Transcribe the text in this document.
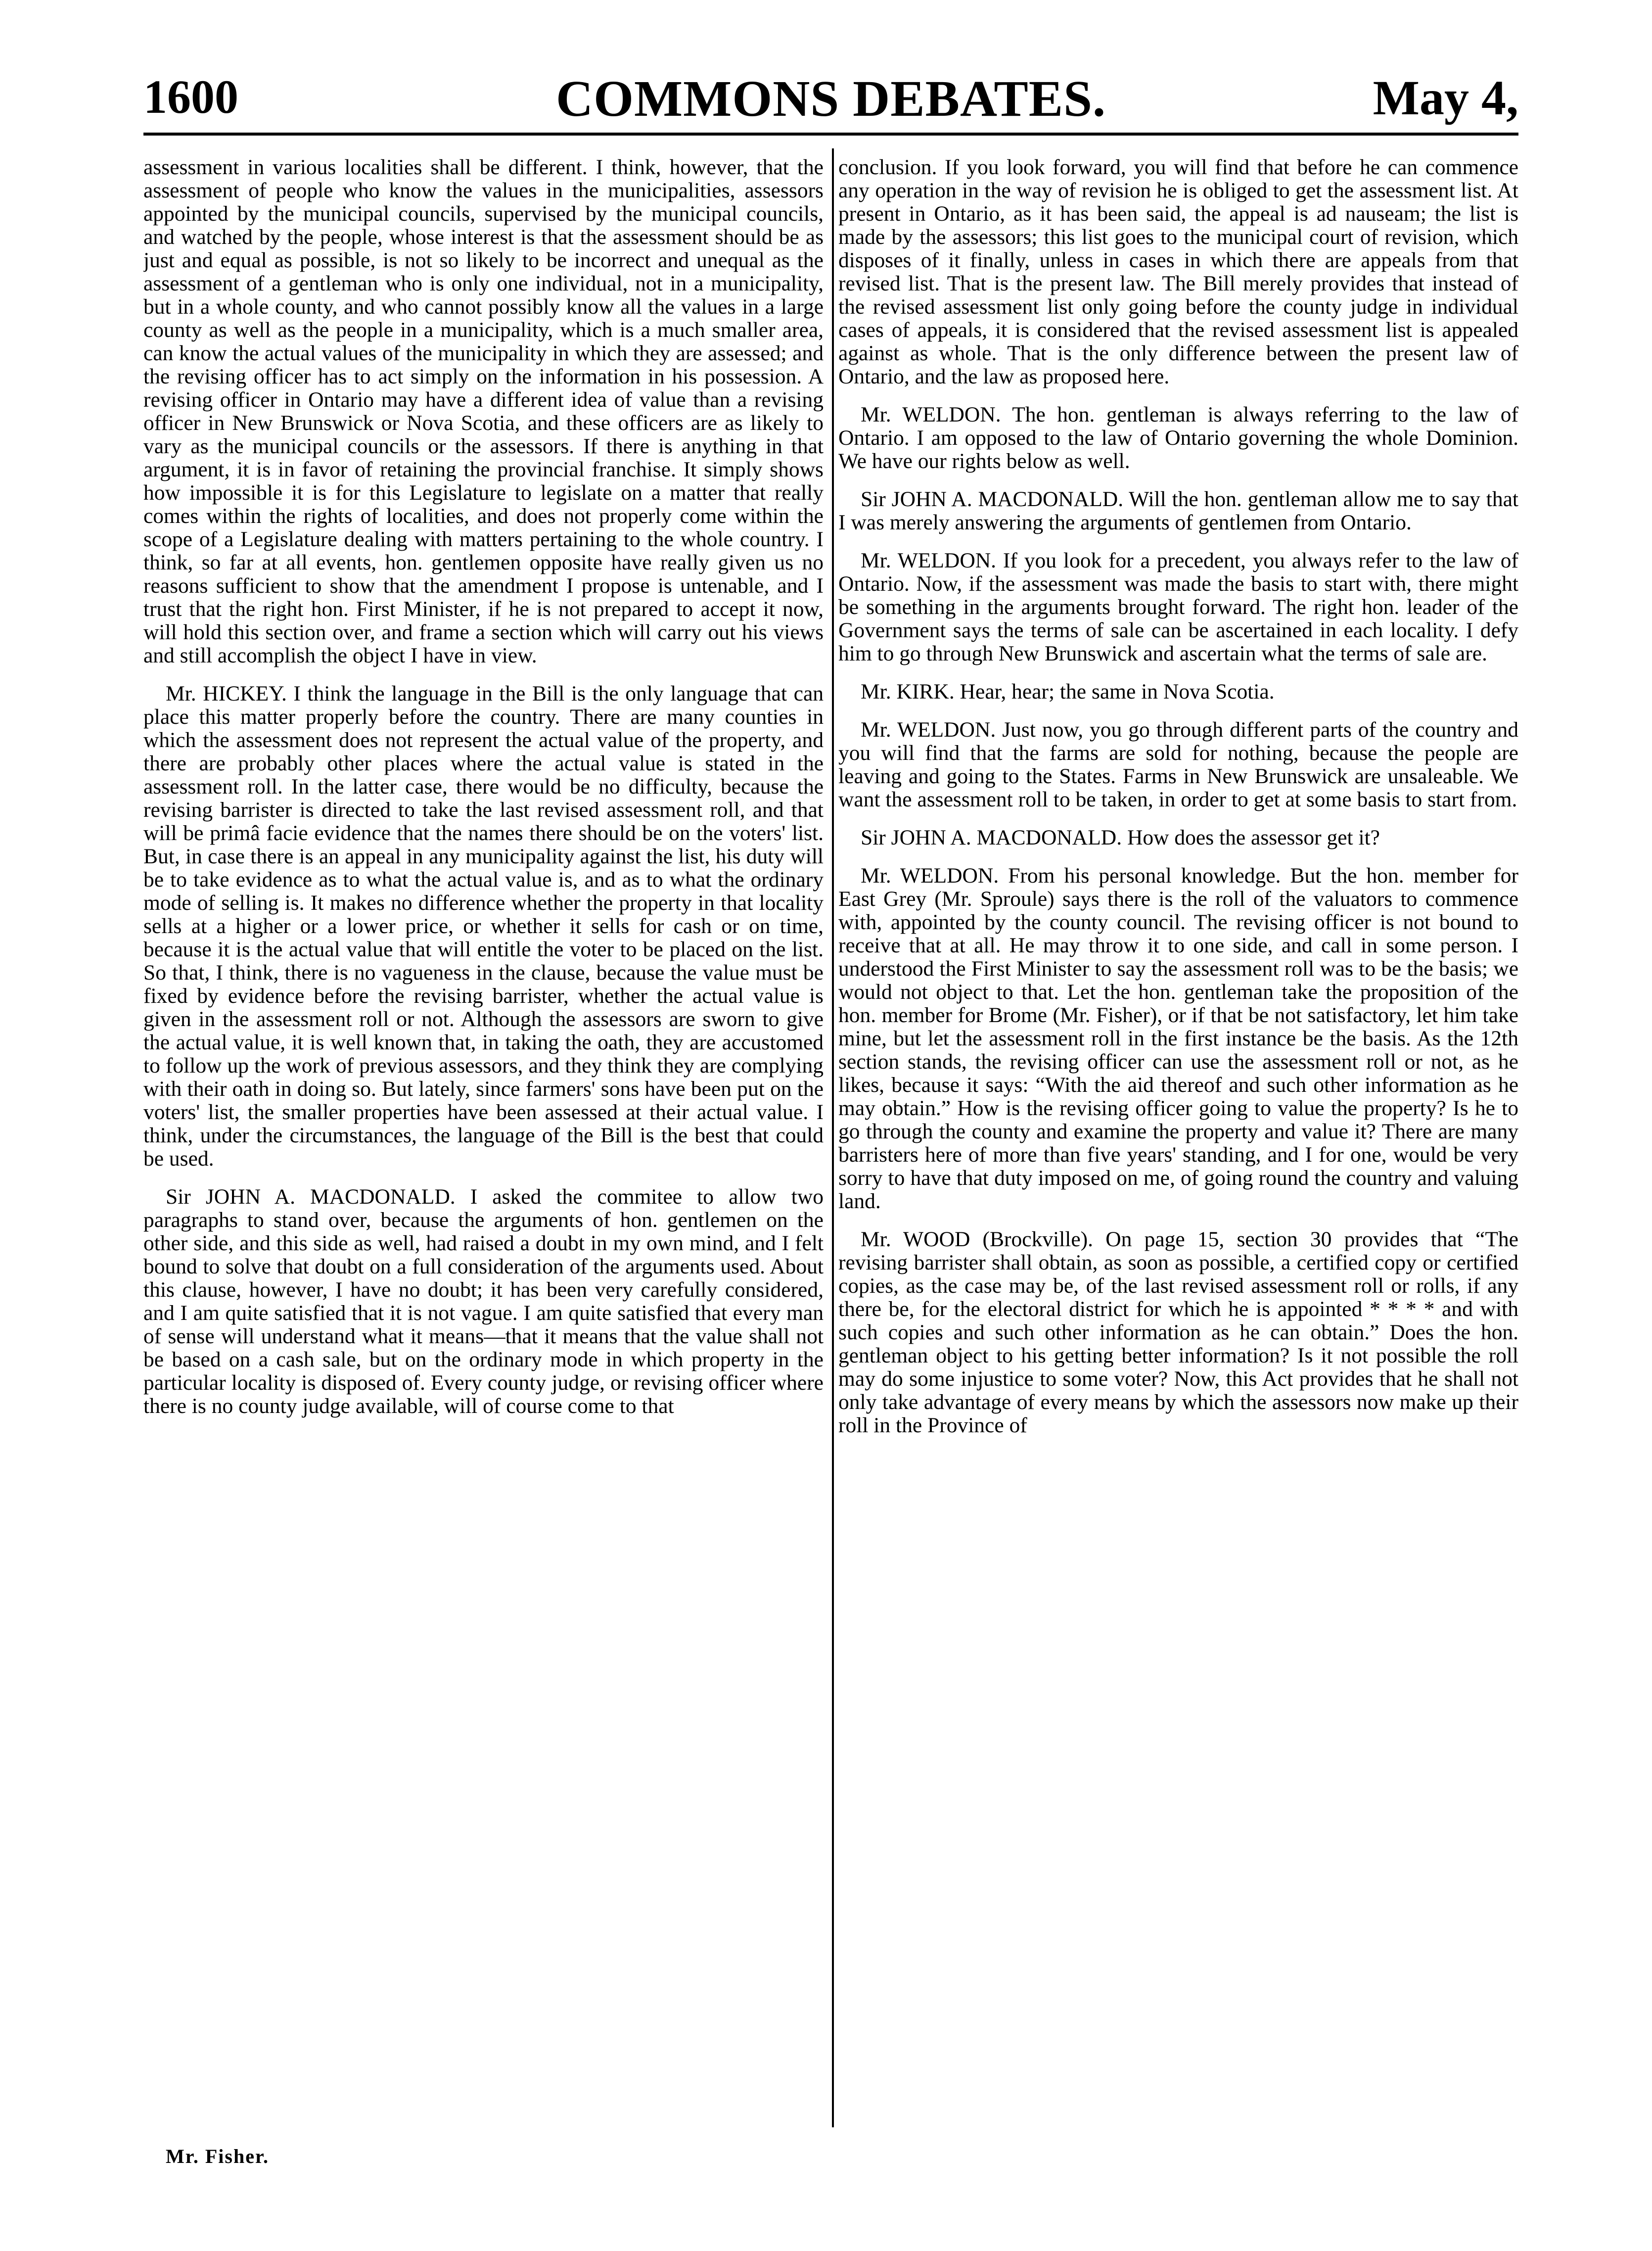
1600	COMMONS DEBATES.	May 4,

assessment in various localities shall be different. I think, however, that the assessment of people who know the values in the municipalities, assessors appointed by the municipal councils, supervised by the municipal councils, and watched by the people, whose interest is that the assessment should be as just and equal as possible, is not so likely to be incorrect and unequal as the assessment of a gentleman who is only one individual, not in a municipality, but in a whole county, and who cannot possibly know all the values in a large county as well as the people in a municipality, which is a much smaller area, can know the actual values of the municipality in which they are assessed; and the revising officer has to act simply on the information in his possession. A revising officer in Ontario may have a different idea of value than a revising officer in New Brunswick or Nova Scotia, and these officers are as likely to vary as the municipal councils or the assessors. If there is anything in that argument, it is in favor of retaining the provincial franchise. It simply shows how impossible it is for this Legislature to legislate on a matter that really comes within the rights of localities, and does not properly come within the scope of a Legislature dealing with matters pertaining to the whole country. I think, so far at all events, hon. gentlemen opposite have really given us no reasons sufficient to show that the amendment I propose is untenable, and I trust that the right hon. First Minister, if he is not prepared to accept it now, will hold this section over, and frame a section which will carry out his views and still accomplish the object I have in view.

Mr. HICKEY. I think the language in the Bill is the only language that can place this matter properly before the country. There are many counties in which the assessment does not represent the actual value of the property, and there are probably other places where the actual value is stated in the assessment roll. In the latter case, there would be no difficulty, because the revising barrister is directed to take the last revised assessment roll, and that will be primâ facie evidence that the names there should be on the voters' list. But, in case there is an appeal in any municipality against the list, his duty will be to take evidence as to what the actual value is, and as to what the ordinary mode of selling is. It makes no difference whether the property in that locality sells at a higher or a lower price, or whether it sells for cash or on time, because it is the actual value that will entitle the voter to be placed on the list. So that, I think, there is no vagueness in the clause, because the value must be fixed by evidence before the revising barrister, whether the actual value is given in the assessment roll or not. Although the assessors are sworn to give the actual value, it is well known that, in taking the oath, they are accustomed to follow up the work of previous assessors, and they think they are complying with their oath in doing so. But lately, since farmers' sons have been put on the voters' list, the smaller properties have been assessed at their actual value. I think, under the circumstances, the language of the Bill is the best that could be used.

Sir JOHN A. MACDONALD. I asked the commitee to allow two paragraphs to stand over, because the arguments of hon. gentlemen on the other side, and this side as well, had raised a doubt in my own mind, and I felt bound to solve that doubt on a full consideration of the arguments used. About this clause, however, I have no doubt; it has been very carefully considered, and I am quite satisfied that it is not vague. I am quite satisfied that every man of sense will understand what it means—that it means that the value shall not be based on a cash sale, but on the ordinary mode in which property in the particular locality is disposed of. Every county judge, or revising officer where there is no county judge available, will of course come to that

conclusion. If you look forward, you will find that before he can commence any operation in the way of revision he is obliged to get the assessment list. At present in Ontario, as it has been said, the appeal is ad nauseam; the list is made by the assessors; this list goes to the municipal court of revision, which disposes of it finally, unless in cases in which there are appeals from that revised list. That is the present law. The Bill merely provides that instead of the revised assessment list only going before the county judge in individual cases of appeals, it is considered that the revised assessment list is appealed against as whole. That is the only difference between the present law of Ontario, and the law as proposed here.

Mr. WELDON. The hon. gentleman is always referring to the law of Ontario. I am opposed to the law of Ontario governing the whole Dominion. We have our rights below as well.

Sir JOHN A. MACDONALD. Will the hon. gentleman allow me to say that I was merely answering the arguments of gentlemen from Ontario.

Mr. WELDON. If you look for a precedent, you always refer to the law of Ontario. Now, if the assessment was made the basis to start with, there might be something in the arguments brought forward. The right hon. leader of the Government says the terms of sale can be ascertained in each locality. I defy him to go through New Brunswick and ascertain what the terms of sale are.

Mr. KIRK. Hear, hear; the same in Nova Scotia.

Mr. WELDON. Just now, you go through different parts of the country and you will find that the farms are sold for nothing, because the people are leaving and going to the States. Farms in New Brunswick are unsaleable. We want the assessment roll to be taken, in order to get at some basis to start from.

Sir JOHN A. MACDONALD. How does the assessor get it?

Mr. WELDON. From his personal knowledge. But the hon. member for East Grey (Mr. Sproule) says there is the roll of the valuators to commence with, appointed by the county council. The revising officer is not bound to receive that at all. He may throw it to one side, and call in some person. I understood the First Minister to say the assessment roll was to be the basis; we would not object to that. Let the hon. gentleman take the proposition of the hon. member for Brome (Mr. Fisher), or if that be not satisfactory, let him take mine, but let the assessment roll in the first instance be the basis. As the 12th section stands, the revising officer can use the assessment roll or not, as he likes, because it says: “With the aid thereof and such other information as he may obtain.” How is the revising officer going to value the property? Is he to go through the county and examine the property and value it? There are many barristers here of more than five years' standing, and I for one, would be very sorry to have that duty imposed on me, of going round the country and valuing land.

Mr. WOOD (Brockville). On page 15, section 30 provides that “The revising barrister shall obtain, as soon as possible, a certified copy or certified copies, as the case may be, of the last revised assessment roll or rolls, if any there be, for the electoral district for which he is appointed * * * * and with such copies and such other information as he can obtain.” Does the hon. gentleman object to his getting better information? Is it not possible the roll may do some injustice to some voter? Now, this Act provides that he shall not only take advantage of every means by which the assessors now make up their roll in the Province of

Mr. Fisher.
